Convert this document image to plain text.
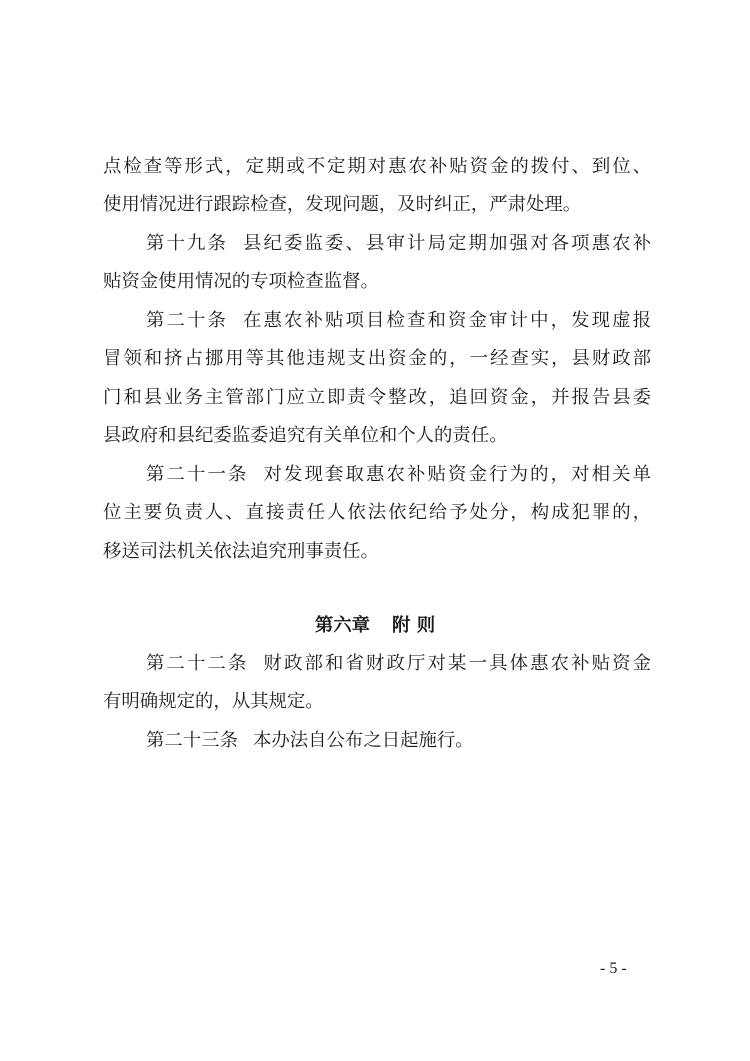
点检查等形式，定期或不定期对惠农补贴资金的拨付、到位、
使用情况进行跟踪检查，发现问题，及时纠正，严肃处理。
第十九条 县纪委监委、县审计局定期加强对各项惠农补
贴资金使用情况的专项检查监督。
第二十条 在惠农补贴项目检查和资金审计中，发现虚报
冒领和挤占挪用等其他违规支出资金的，一经查实，县财政部
门和县业务主管部门应立即责令整改，追回资金，并报告县委
县政府和县纪委监委追究有关单位和个人的责任。
第二十一条 对发现套取惠农补贴资金行为的，对相关单
位主要负责人、直接责任人依法依纪给予处分，构成犯罪的，
移送司法机关依法追究刑事责任。
第六章 附 则
第二十二条 财政部和省财政厅对某一具体惠农补贴资金
有明确规定的，从其规定。
第二十三条 本办法自公布之日起施行。
- 5 -
